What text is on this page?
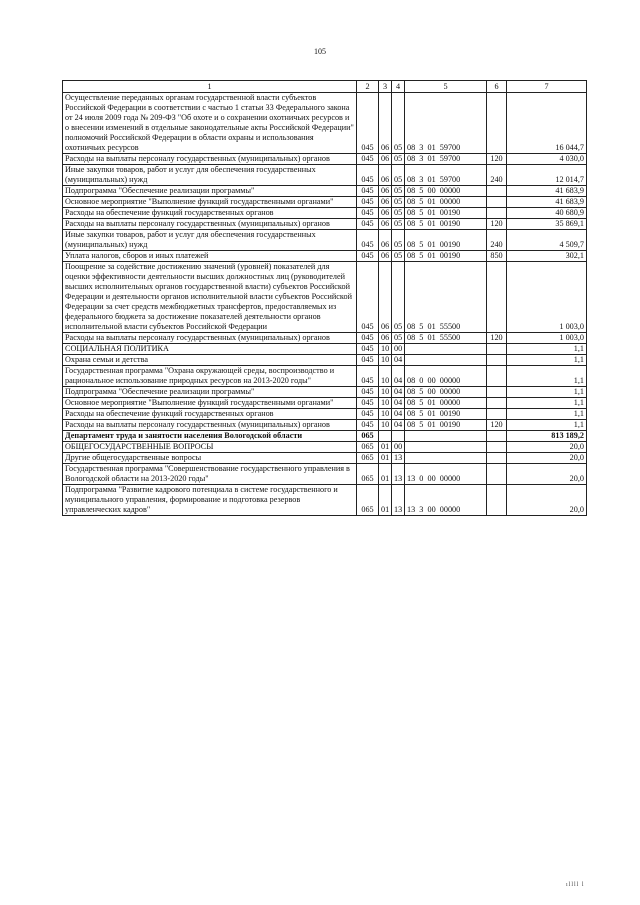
105
1	2	3	4	5	6	7
Осуществление переданных органам государственной власти субъектов Российской Федерации в соответствии с частью 1 статьи 33 Федерального закона от 24 июля 2009 года № 209-ФЗ "Об охоте и о сохранении охотничьих ресурсов и о внесении изменений в отдельные законодательные акты Российской Федерации" полномочий Российской Федерации в области охраны и использования охотничьих ресурсов	045	06	05	08  3  01  59700		16 044,7
Расходы на выплаты персоналу государственных (муниципальных) органов	045	06	05	08  3  01  59700	120	4 030,0
Иные закупки товаров, работ и услуг для обеспечения государственных (муниципальных) нужд	045	06	05	08  3  01  59700	240	12 014,7
Подпрограмма "Обеспечение реализации программы"	045	06	05	08  5  00  00000		41 683,9
Основное мероприятие "Выполнение функций государственными органами"	045	06	05	08  5  01  00000		41 683,9
Расходы на обеспечение функций государственных органов	045	06	05	08  5  01  00190		40 680,9
Расходы на выплаты персоналу государственных (муниципальных) органов	045	06	05	08  5  01  00190	120	35 869,1
Иные закупки товаров, работ и услуг для обеспечения государственных (муниципальных) нужд	045	06	05	08  5  01  00190	240	4 509,7
Уплата налогов, сборов и иных платежей	045	06	05	08  5  01  00190	850	302,1
Поощрение за содействие достижению значений (уровней) показателей для оценки эффективности деятельности высших должностных лиц (руководителей высших исполнительных органов государственной власти) субъектов Российской Федерации и деятельности органов исполнительной власти субъектов Российской Федерации за счет средств межбюджетных трансфертов, предоставляемых из федерального бюджета за достижение показателей деятельности органов исполнительной власти субъектов Российской Федерации	045	06	05	08  5  01  55500		1 003,0
Расходы на выплаты персоналу государственных (муниципальных) органов	045	06	05	08  5  01  55500	120	1 003,0
СОЦИАЛЬНАЯ ПОЛИТИКА	045	10	00			1,1
Охрана семьи и детства	045	10	04			1,1
Государственная программа "Охрана окружающей среды, воспроизводство и рациональное использование природных ресурсов на 2013-2020 годы"	045	10	04	08  0  00  00000		1,1
Подпрограмма "Обеспечение реализации программы"	045	10	04	08  5  00  00000		1,1
Основное мероприятие "Выполнение функций государственными органами"	045	10	04	08  5  01  00000		1,1
Расходы на обеспечение функций государственных органов	045	10	04	08  5  01  00190		1,1
Расходы на выплаты персоналу государственных (муниципальных) органов	045	10	04	08  5  01  00190	120	1,1
Департамент труда и занятости населения Вологодской области	065					813 189,2
ОБЩЕГОСУДАРСТВЕННЫЕ ВОПРОСЫ	065	01	00			20,0
Другие общегосударственные вопросы	065	01	13			20,0
Государственная программа "Совершенствование государственного управления в Вологодской области на 2013-2020 годы"	065	01	13	13  0  00  00000		20,0
Подпрограмма "Развитие кадрового потенциала в системе государственного и муниципального управления, формирование и подготовка резервов управленческих кадров"	065	01	13	13  3  00  00000		20,0
ıllll l
